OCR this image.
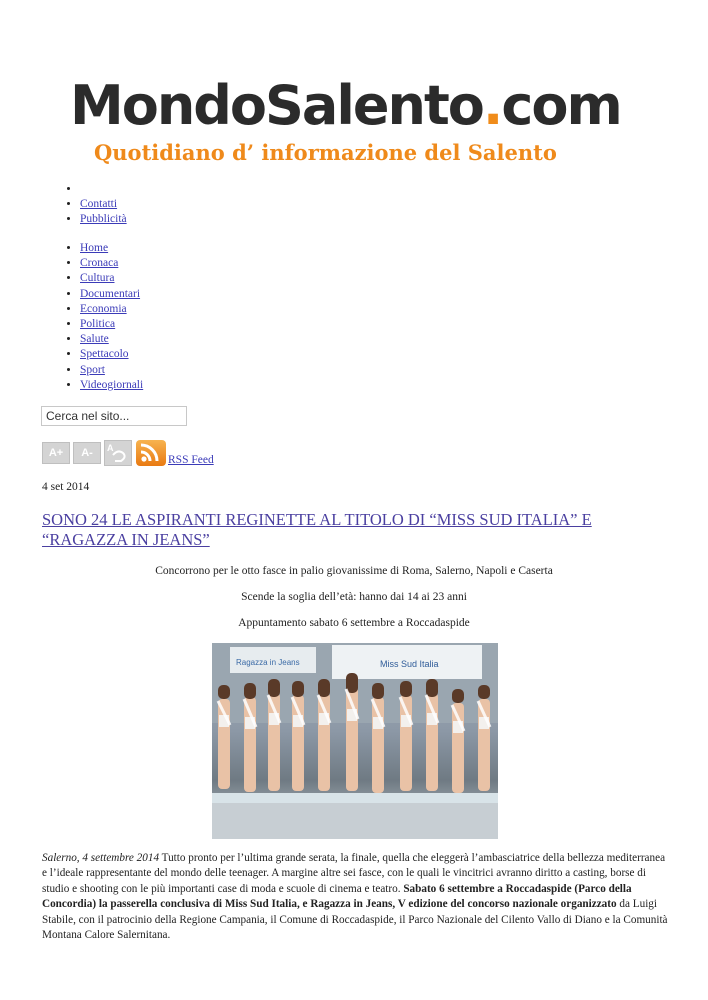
MondoSalento.com
Quotidiano d’ informazione del Salento
•
• Contatti
• Pubblicità
• Home
• Cronaca
• Cultura
• Documentari
• Economia
• Politica
• Salute
• Spettacolo
• Sport
• Videogiornali
Cerca nel sito...
A+	A-	A
RSS Feed
4 set 2014
SONO 24 LE ASPIRANTI REGINETTE AL TITOLO DI “MISS SUD ITALIA” E “RAGAZZA IN JEANS”
Concorrono per le otto fasce in palio giovanissime di Roma, Salerno, Napoli e Caserta
Scende la soglia dell’età: hanno dai 14 ai 23 anni
Appuntamento sabato 6 settembre a Roccadaspide
Ragazza in Jeans	Miss Sud Italia

Salerno, 4 settembre 2014 Tutto pronto per l’ultima grande serata, la finale, quella che eleggerà l’ambasciatrice della bellezza mediterranea e l’ideale rappresentante del mondo delle teenager. A margine altre sei fasce, con le quali le vincitrici avranno diritto a casting, borse di studio e shooting con le più importanti case di moda e scuole di cinema e teatro. Sabato 6 settembre a Roccadaspide (Parco della Concordia) la passerella conclusiva di Miss Sud Italia, e Ragazza in Jeans, V edizione del concorso nazionale organizzato da Luigi Stabile, con il patrocinio della Regione Campania, il Comune di Roccadaspide, il Parco Nazionale del Cilento Vallo di Diano e la Comunità Montana Calore Salernitana.
